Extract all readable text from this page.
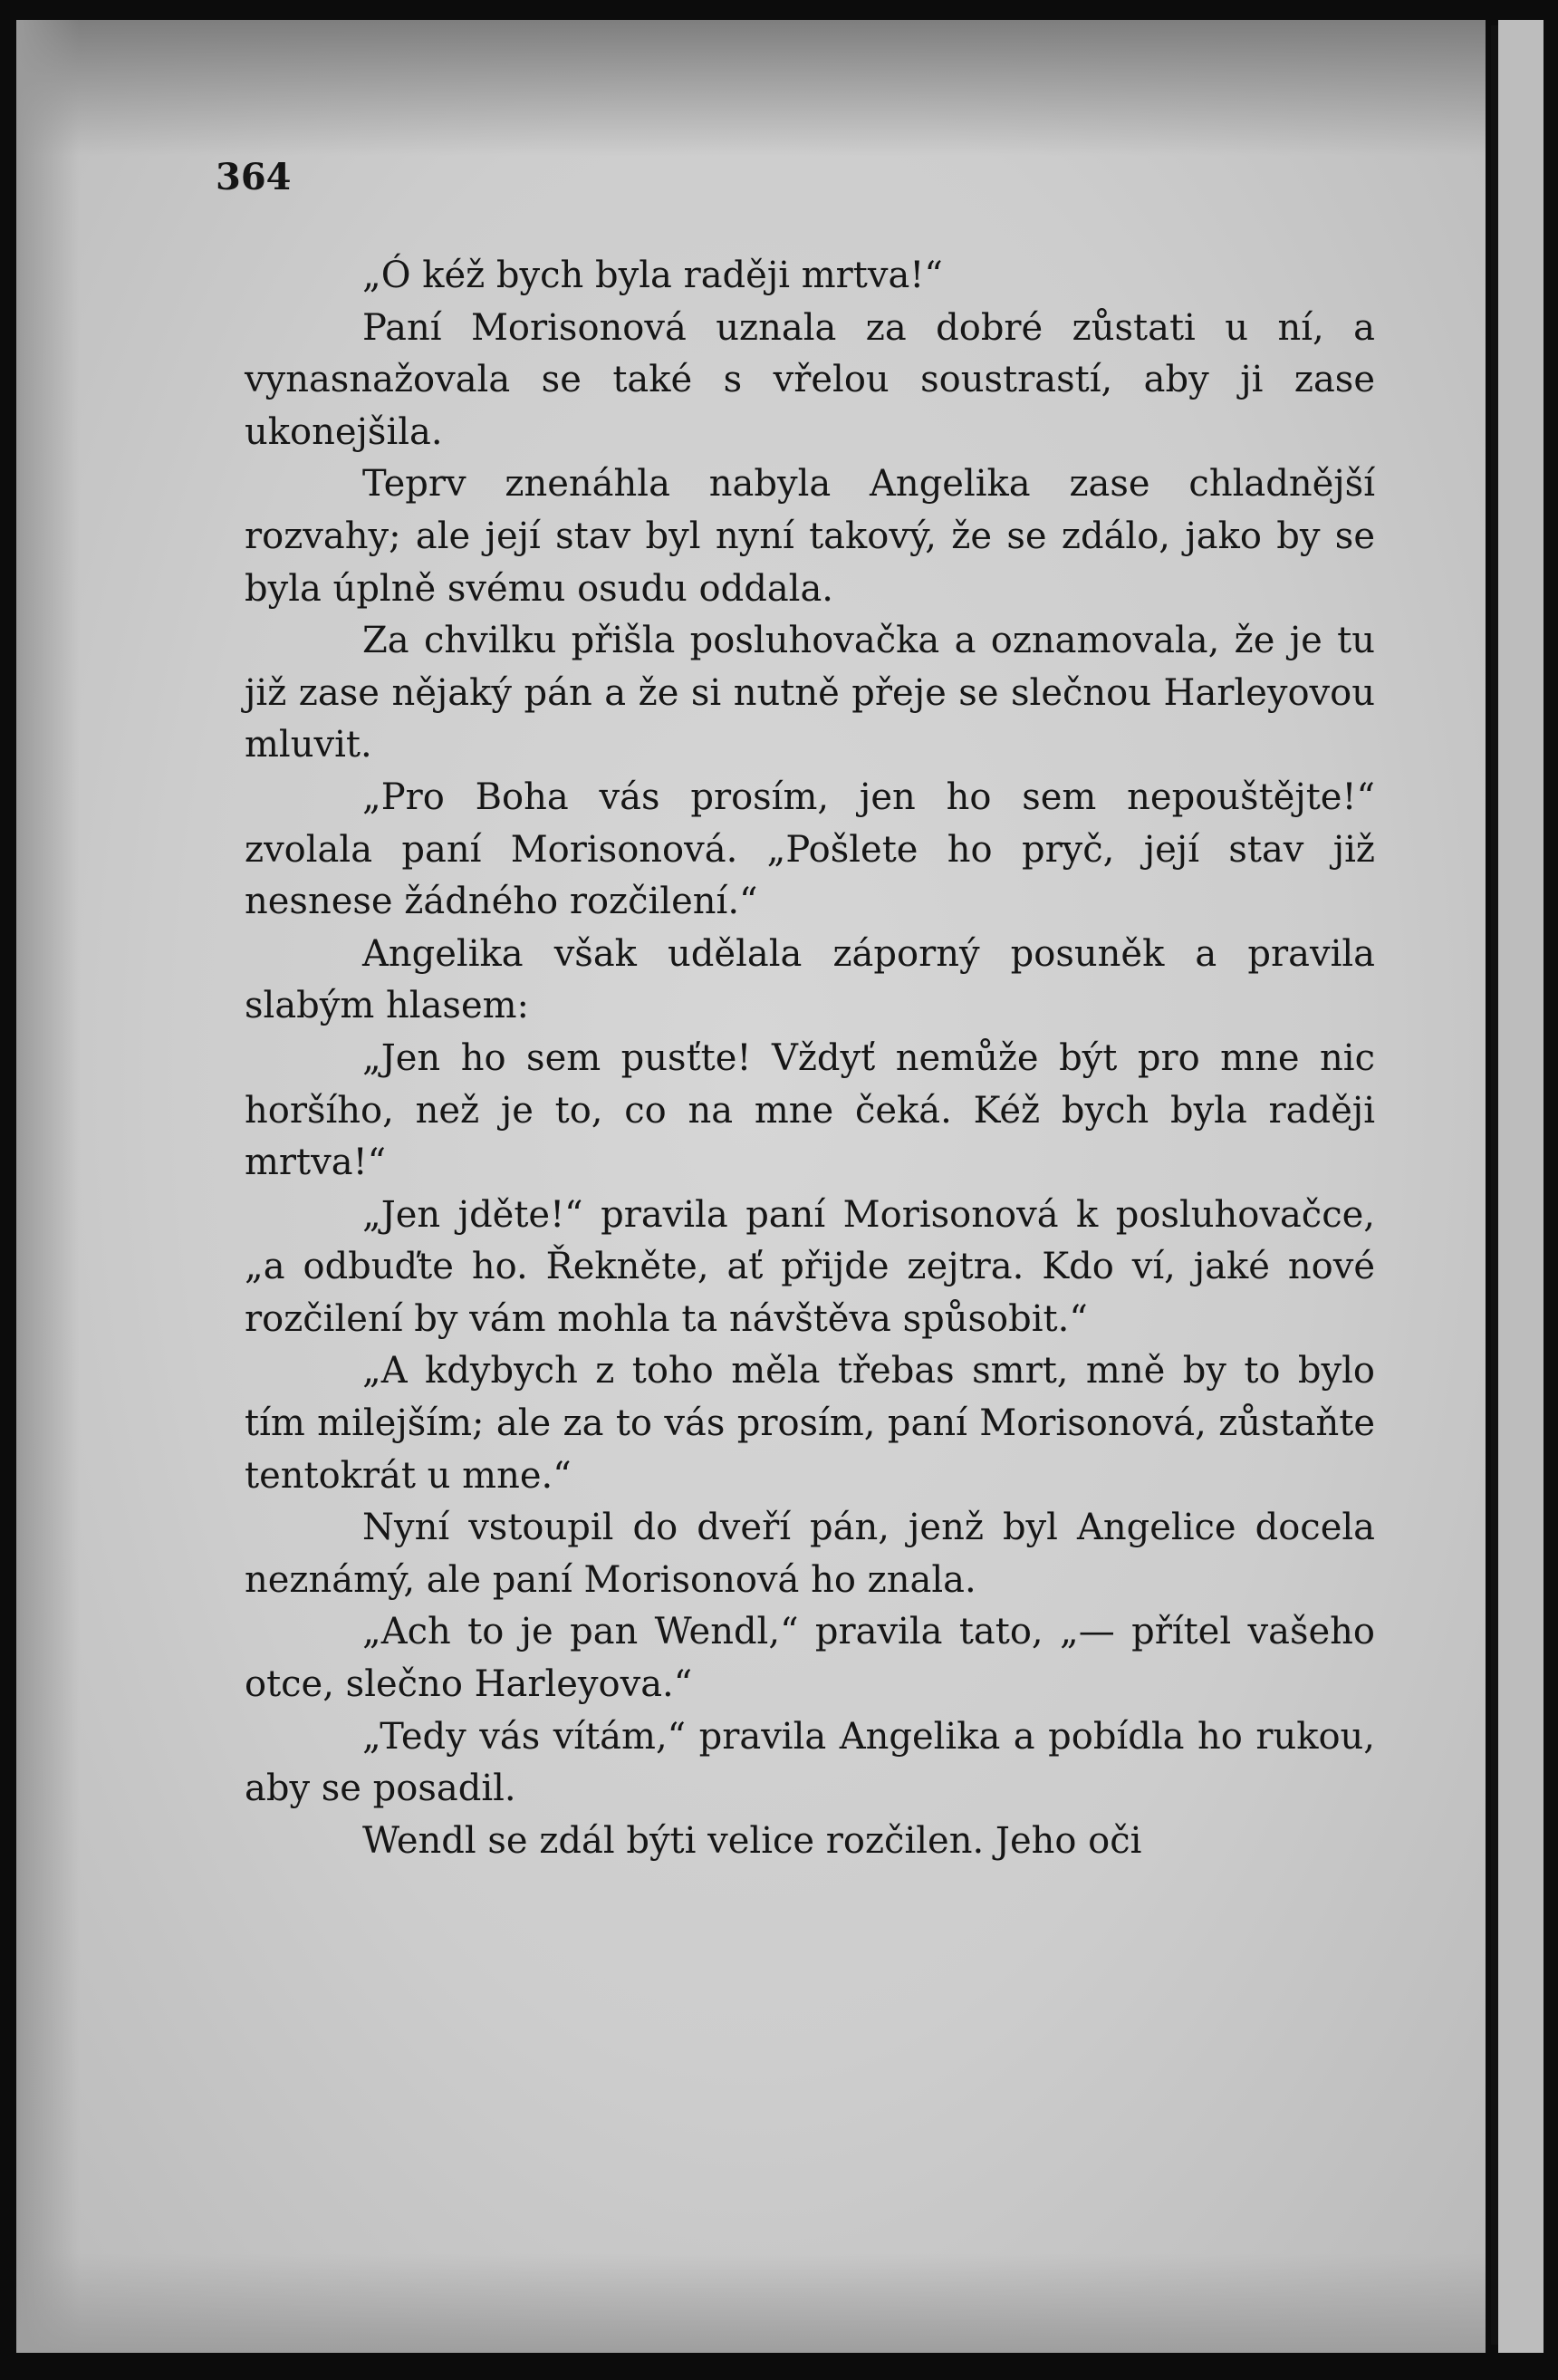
364

„Ó kéž bych byla raději mrtva!“

Paní Morisonová uznala za dobré zůstati u ní, a vynasnažovala se také s vřelou soustrastí, aby ji zase ukonejšila.

Teprv znenáhla nabyla Angelika zase chladnější rozvahy; ale její stav byl nyní takový, že se zdálo, jako by se byla úplně svému osudu oddala.

Za chvilku přišla posluhovačka a oznamovala, že je tu již zase nějaký pán a že si nutně přeje se slečnou Harleyovou mluvit.

„Pro Boha vás prosím, jen ho sem nepouštějte!“ zvolala paní Morisonová. „Pošlete ho pryč, její stav již nesnese žádného rozčilení.“

Angelika však udělala záporný posuněk a pravila slabým hlasem:

„Jen ho sem pusťte! Vždyť nemůže být pro mne nic horšího, než je to, co na mne čeká. Kéž bych byla raději mrtva!“

„Jen jděte!“ pravila paní Morisonová k posluhovačce, „a odbuďte ho. Řekněte, ať přijde zejtra. Kdo ví, jaké nové rozčilení by vám mohla ta návštěva spůsobit.“

„A kdybych z toho měla třebas smrt, mně by to bylo tím milejším; ale za to vás prosím, paní Morisonová, zůstaňte tentokrát u mne.“

Nyní vstoupil do dveří pán, jenž byl Angelice docela neznámý, ale paní Morisonová ho znala.

„Ach to je pan Wendl,“ pravila tato, „— přítel vašeho otce, slečno Harleyova.“

„Tedy vás vítám,“ pravila Angelika a pobídla ho rukou, aby se posadil.

Wendl se zdál býti velice rozčilen. Jeho oči
